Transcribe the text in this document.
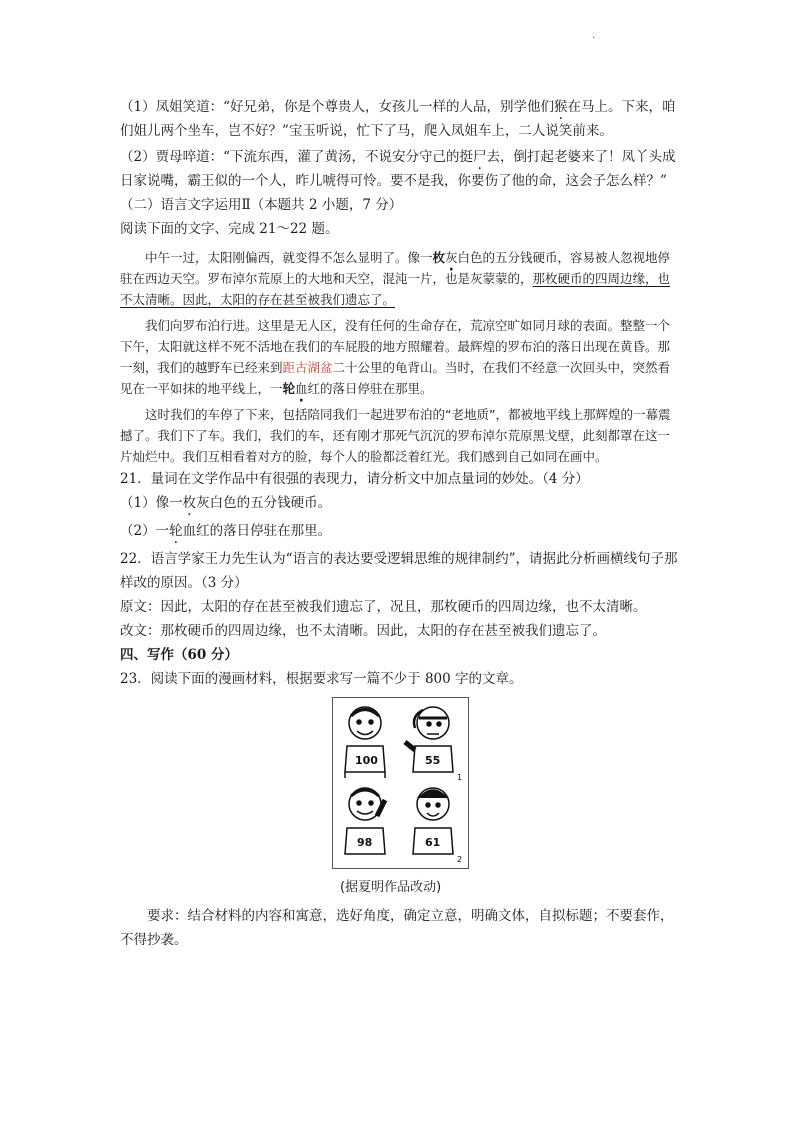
.

（1）凤姐笑道：“好兄弟，你是个尊贵人，女孩儿一样的人品，别学他们猴在马上。下来，咱们姐儿两个坐车，岂不好？”宝玉听说，忙下了马，爬入凤姐车上，二人说笑前来。

（2）贾母啐道：“下流东西，灌了黄汤，不说安分守己的挺尸去，倒打起老婆来了！凤丫头成日家说嘴，霸王似的一个人，昨儿唬得可怜。要不是我，你要伤了他的命，这会子怎么样？”

（二）语言文字运用Ⅱ（本题共 2 小题，7 分）

阅读下面的文字、完成 21～22 题。

中午一过，太阳刚偏西，就变得不怎么显明了。像一枚灰白色的五分钱硬币，容易被人忽视地停驻在西边天空。罗布淖尔荒原上的大地和天空，混沌一片，也是灰蒙蒙的，那枚硬币的四周边缘，也不太清晰。因此，太阳的存在甚至被我们遗忘了。

我们向罗布泊行进。这里是无人区，没有任何的生命存在，荒凉空旷如同月球的表面。整整一个下午，太阳就这样不死不活地在我们的车屁股的地方照耀着。最辉煌的罗布泊的落日出现在黄昏。那一刻，我们的越野车已经来到距古湖盆二十公里的龟背山。当时，在我们不经意一次回头中，突然看见在一平如抹的地平线上，一轮血红的落日停驻在那里。

这时我们的车停了下来，包括陪同我们一起进罗布泊的“老地质”，都被地平线上那辉煌的一幕震撼了。我们下了车。我们，我们的车，还有刚才那死气沉沉的罗布淖尔荒原黑戈壁，此刻都罩在这一片灿烂中。我们互相看着对方的脸，每个人的脸都泛着红光。我们感到自己如同在画中。

21．量词在文学作品中有很强的表现力，请分析文中加点量词的妙处。（4 分）

（1）像一枚灰白色的五分钱硬币。

（2）一轮血红的落日停驻在那里。

22．语言学家王力先生认为“语言的表达要受逻辑思维的规律制约”，请据此分析画横线句子那样改的原因。（3 分）

原文：因此，太阳的存在甚至被我们遗忘了，况且，那枚硬币的四周边缘，也不太清晰。

改文：那枚硬币的四周边缘，也不太清晰。因此，太阳的存在甚至被我们遗忘了。

四、写作（60 分）

23．阅读下面的漫画材料，根据要求写一篇不少于 800 字的文章。

100	55
98	61
1
2
(据夏明作品改动)

要求：结合材料的内容和寓意，选好角度，确定立意，明确文体，自拟标题；不要套作，不得抄袭。
